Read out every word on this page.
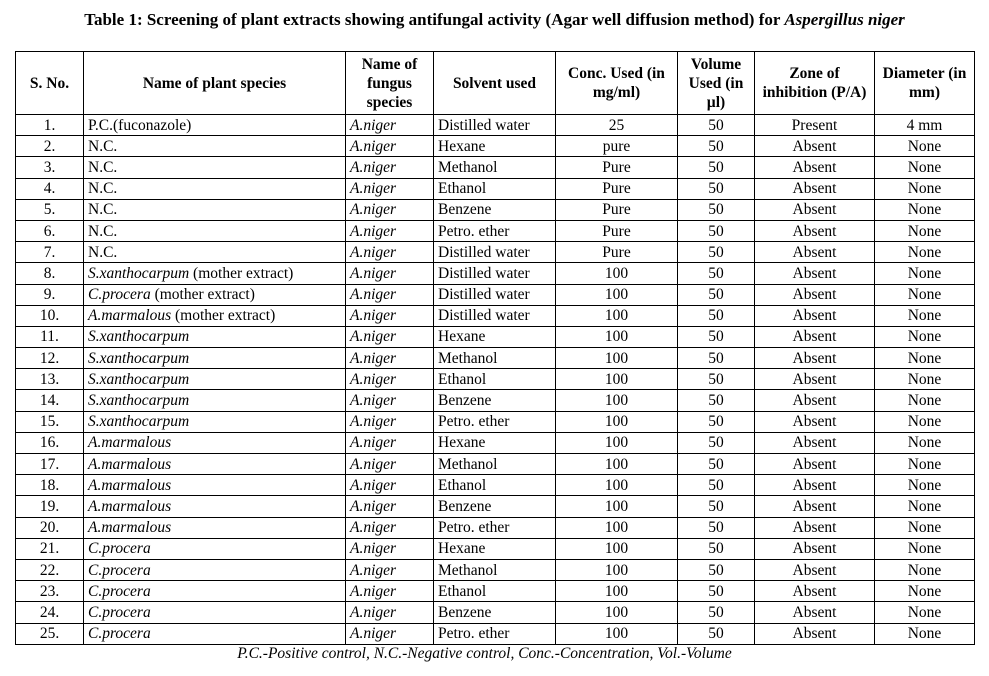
Table 1: Screening of plant extracts showing antifungal activity (Agar well diffusion method) for Aspergillus niger
S. No.	Name of plant species	Name of fungus species	Solvent used	Conc. Used (in mg/ml)	Volume Used (in µl)	Zone of inhibition (P/A)	Diameter (in mm)
1.	P.C.(fuconazole)	A.niger	Distilled water	25	50	Present	4 mm
2.	N.C.	A.niger	Hexane	pure	50	Absent	None
3.	N.C.	A.niger	Methanol	Pure	50	Absent	None
4.	N.C.	A.niger	Ethanol	Pure	50	Absent	None
5.	N.C.	A.niger	Benzene	Pure	50	Absent	None
6.	N.C.	A.niger	Petro. ether	Pure	50	Absent	None
7.	N.C.	A.niger	Distilled water	Pure	50	Absent	None
8.	S.xanthocarpum (mother extract)	A.niger	Distilled water	100	50	Absent	None
9.	C.procera (mother extract)	A.niger	Distilled water	100	50	Absent	None
10.	A.marmalous (mother extract)	A.niger	Distilled water	100	50	Absent	None
11.	S.xanthocarpum	A.niger	Hexane	100	50	Absent	None
12.	S.xanthocarpum	A.niger	Methanol	100	50	Absent	None
13.	S.xanthocarpum	A.niger	Ethanol	100	50	Absent	None
14.	S.xanthocarpum	A.niger	Benzene	100	50	Absent	None
15.	S.xanthocarpum	A.niger	Petro. ether	100	50	Absent	None
16.	A.marmalous	A.niger	Hexane	100	50	Absent	None
17.	A.marmalous	A.niger	Methanol	100	50	Absent	None
18.	A.marmalous	A.niger	Ethanol	100	50	Absent	None
19.	A.marmalous	A.niger	Benzene	100	50	Absent	None
20.	A.marmalous	A.niger	Petro. ether	100	50	Absent	None
21.	C.procera	A.niger	Hexane	100	50	Absent	None
22.	C.procera	A.niger	Methanol	100	50	Absent	None
23.	C.procera	A.niger	Ethanol	100	50	Absent	None
24.	C.procera	A.niger	Benzene	100	50	Absent	None
25.	C.procera	A.niger	Petro. ether	100	50	Absent	None
P.C.-Positive control, N.C.-Negative control, Conc.-Concentration, Vol.-Volume
